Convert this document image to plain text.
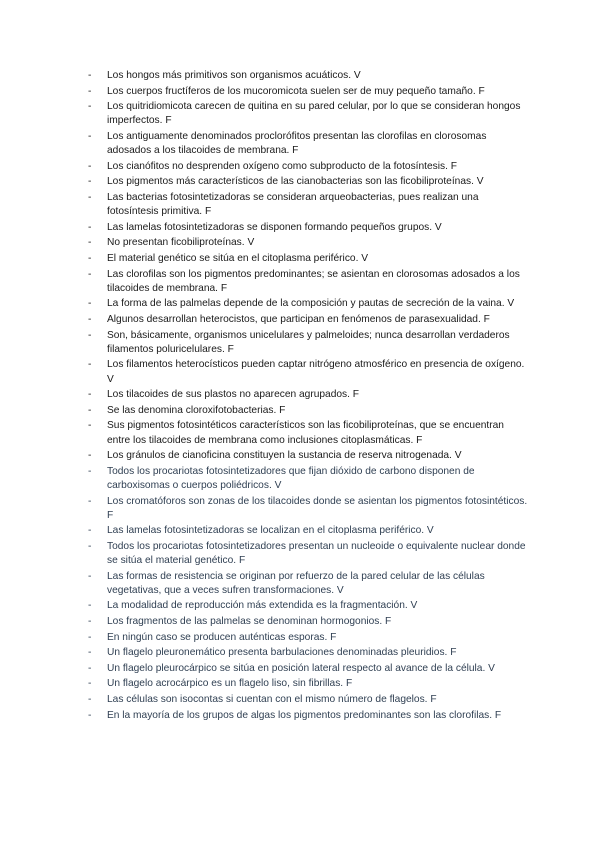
-	Los hongos más primitivos son organismos acuáticos. V
-	Los cuerpos fructíferos de los mucoromicota suelen ser de muy pequeño tamaño. F
-	Los quitridiomicota carecen de quitina en su pared celular, por lo que se consideran hongos imperfectos. F
-	Los antiguamente denominados proclorófitos presentan las clorofilas en clorosomas adosados a los tilacoides de membrana. F
-	Los cianófitos no desprenden oxígeno como subproducto de la fotosíntesis. F
-	Los pigmentos más característicos de las cianobacterias son las ficobiliproteínas. V
-	Las bacterias fotosintetizadoras se consideran arqueobacterias, pues realizan una fotosíntesis primitiva. F
-	Las lamelas fotosintetizadoras se disponen formando pequeños grupos. V
-	No presentan ficobiliproteínas. V
-	El material genético se sitúa en el citoplasma periférico. V
-	Las clorofilas son los pigmentos predominantes; se asientan en clorosomas adosados a los tilacoides de membrana. F
-	La forma de las palmelas depende de la composición y pautas de secreción de la vaina. V
-	Algunos desarrollan heterocistos, que participan en fenómenos de parasexualidad. F
-	Son, básicamente, organismos unicelulares y palmeloides; nunca desarrollan verdaderos filamentos poluricelulares. F
-	Los filamentos heterocísticos pueden captar nitrógeno atmosférico en presencia de oxígeno. V
-	Los tilacoides de sus plastos no aparecen agrupados. F
-	Se las denomina cloroxifotobacterias. F
-	Sus pigmentos fotosintéticos característicos son las ficobiliproteínas, que se encuentran entre los tilacoides de membrana como inclusiones citoplasmáticas. F
-	Los gránulos de cianoficina constituyen la sustancia de reserva nitrogenada. V
-	Todos los procariotas fotosintetizadores que fijan dióxido de carbono disponen de carboxisomas o cuerpos poliédricos. V
-	Los cromatóforos son zonas de los tilacoides donde se asientan los pigmentos fotosintéticos. F
-	Las lamelas fotosintetizadoras se localizan en el citoplasma periférico. V
-	Todos los procariotas fotosintetizadores presentan un nucleoide o equivalente nuclear donde se sitúa el material genético. F
-	Las formas de resistencia se originan por refuerzo de la pared celular de las células vegetativas, que a veces sufren transformaciones. V
-	La modalidad de reproducción más extendida es la fragmentación. V
-	Los fragmentos de las palmelas se denominan hormogonios. F
-	En ningún caso se producen auténticas esporas. F
-	Un flagelo pleuronemático presenta barbulaciones denominadas pleuridios. F
-	Un flagelo pleurocárpico se sitúa en posición lateral respecto al avance de la célula. V
-	Un flagelo acrocárpico es un flagelo liso, sin fibrillas. F
-	Las células son isocontas si cuentan con el mismo número de flagelos. F
-	En la mayoría de los grupos de algas los pigmentos predominantes son las clorofilas. F
